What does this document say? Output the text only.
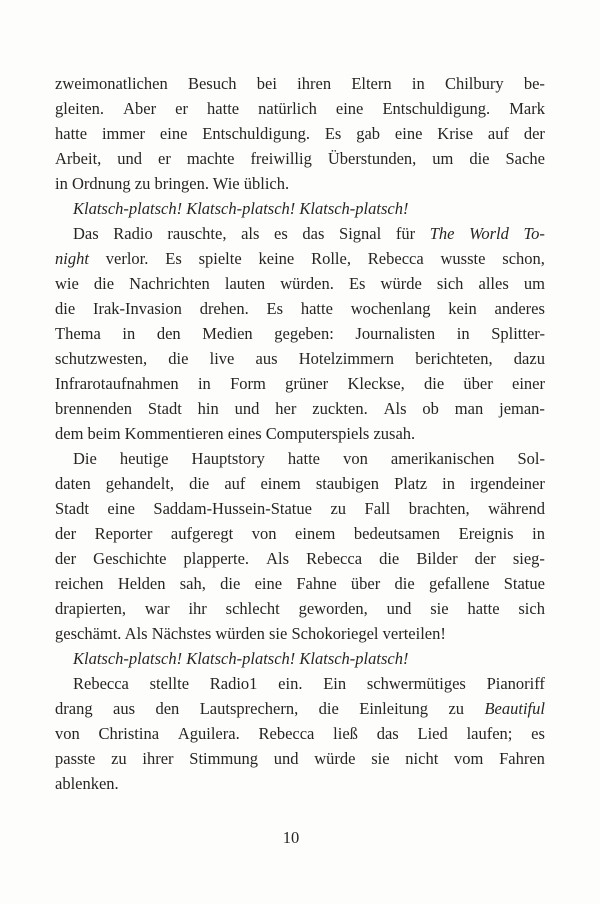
zweimonatlichen Besuch bei ihren Eltern in Chilbury be-
gleiten. Aber er hatte natürlich eine Entschuldigung. Mark
hatte immer eine Entschuldigung. Es gab eine Krise auf der
Arbeit, und er machte freiwillig Überstunden, um die Sache
in Ordnung zu bringen. Wie üblich.
Klatsch-platsch! Klatsch-platsch! Klatsch-platsch!
Das Radio rauschte, als es das Signal für The World To-
night verlor. Es spielte keine Rolle, Rebecca wusste schon,
wie die Nachrichten lauten würden. Es würde sich alles um
die Irak-Invasion drehen. Es hatte wochenlang kein anderes
Thema in den Medien gegeben: Journalisten in Splitter-
schutzwesten, die live aus Hotelzimmern berichteten, dazu
Infrarotaufnahmen in Form grüner Kleckse, die über einer
brennenden Stadt hin und her zuckten. Als ob man jeman-
dem beim Kommentieren eines Computerspiels zusah.
Die heutige Hauptstory hatte von amerikanischen Sol-
daten gehandelt, die auf einem staubigen Platz in irgendeiner
Stadt eine Saddam-Hussein-Statue zu Fall brachten, während
der Reporter aufgeregt von einem bedeutsamen Ereignis in
der Geschichte plapperte. Als Rebecca die Bilder der sieg-
reichen Helden sah, die eine Fahne über die gefallene Statue
drapierten, war ihr schlecht geworden, und sie hatte sich
geschämt. Als Nächstes würden sie Schokoriegel verteilen!
Klatsch-platsch! Klatsch-platsch! Klatsch-platsch!
Rebecca stellte Radio1 ein. Ein schwermütiges Pianoriff
drang aus den Lautsprechern, die Einleitung zu Beautiful
von Christina Aguilera. Rebecca ließ das Lied laufen; es
passte zu ihrer Stimmung und würde sie nicht vom Fahren
ablenken.
10
